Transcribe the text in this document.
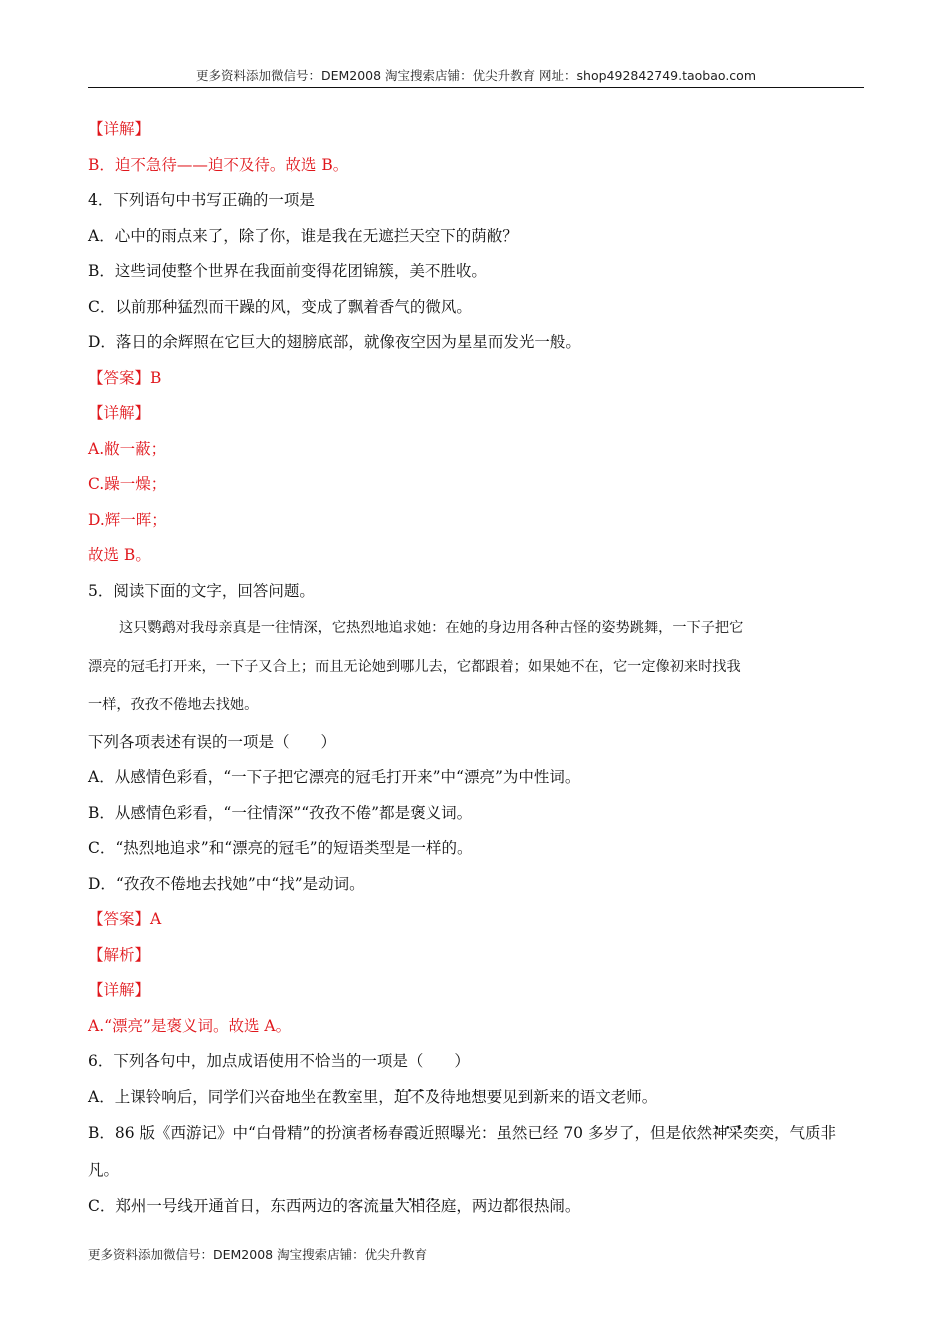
更多资料添加微信号：DEM2008 淘宝搜索店铺：优尖升教育 网址：shop492842749.taobao.com
【详解】
B．迫不急待——迫不及待。故选 B。
4．下列语句中书写正确的一项是
A．心中的雨点来了，除了你，谁是我在无遮拦天空下的荫敝？
B．这些词使整个世界在我面前变得花团锦簇，美不胜收。
C．以前那种猛烈而干躁的风，变成了飘着香气的微风。
D．落日的余辉照在它巨大的翅膀底部，就像夜空因为星星而发光一般。
【答案】B
【详解】
A.敝一蔽；
C.躁一燥；
D.辉一晖；
故选 B。
5．阅读下面的文字，回答问题。
这只鹦鹉对我母亲真是一往情深，它热烈地追求她：在她的身边用各种古怪的姿势跳舞，一下子把它
漂亮的冠毛打开来，一下子又合上；而且无论她到哪儿去，它都跟着；如果她不在，它一定像初来时找我
一样，孜孜不倦地去找她。
下列各项表述有误的一项是（　　）
A．从感情色彩看，“一下子把它漂亮的冠毛打开来”中“漂亮”为中性词。
B．从感情色彩看，“一往情深”“孜孜不倦”都是褒义词。
C．“热烈地追求”和“漂亮的冠毛”的短语类型是一样的。
D．“孜孜不倦地去找她”中“找”是动词。
【答案】A
【解析】
【详解】
A.“漂亮”是褒义词。故选 A。
6．下列各句中，加点成语使用不恰当的一项是（　　）
A．上课铃响后，同学们兴奋地坐在教室里，• • • • 迫不及待地想要见到新来的语文老师。
B．86 版《西游记》中“白骨精”的扮演者杨春霞近照曝光：虽然已经 70 多岁了，但是依然• • • • 神采奕奕，气质非凡。
C．郑州一号线开通首日，东西两边的客流量• • • • 大相径庭，两边都很热闹。
更多资料添加微信号：DEM2008 淘宝搜索店铺：优尖升教育
